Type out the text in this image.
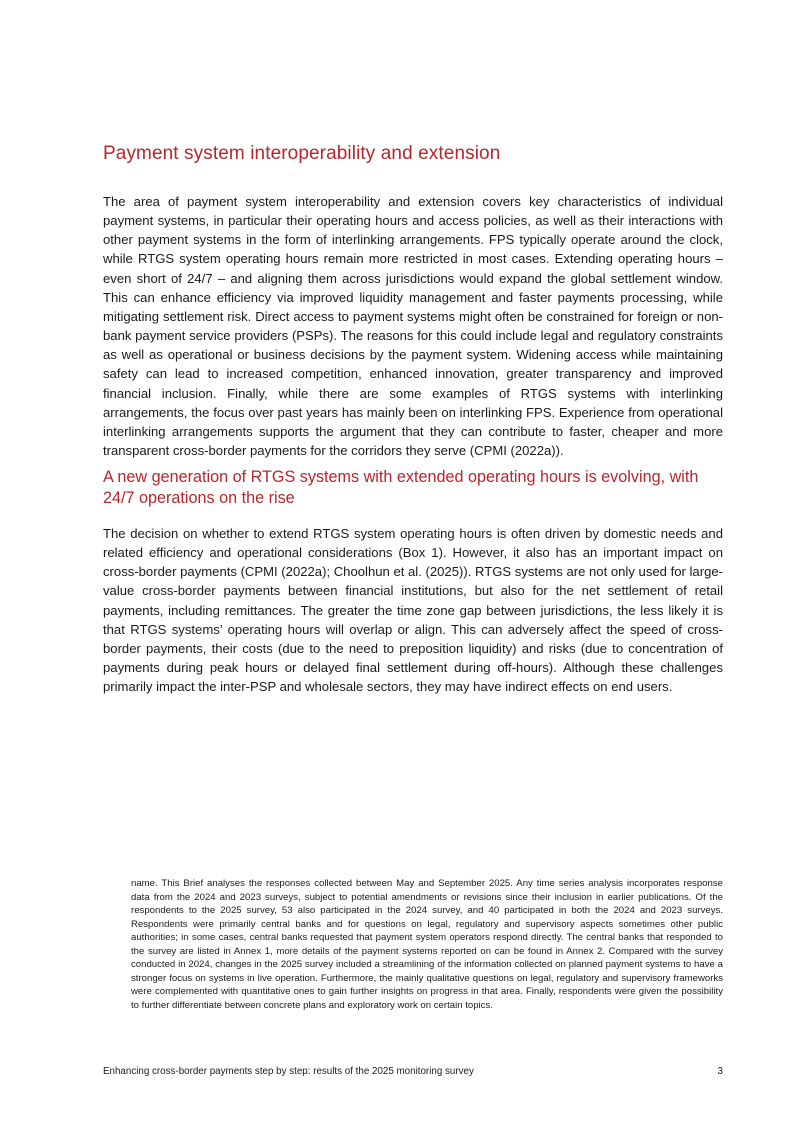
Payment system interoperability and extension

The area of payment system interoperability and extension covers key characteristics of individual payment systems, in particular their operating hours and access policies, as well as their interactions with other payment systems in the form of interlinking arrangements. FPS typically operate around the clock, while RTGS system operating hours remain more restricted in most cases. Extending operating hours – even short of 24/7 – and aligning them across jurisdictions would expand the global settlement window. This can enhance efficiency via improved liquidity management and faster payments processing, while mitigating settlement risk. Direct access to payment systems might often be constrained for foreign or non-bank payment service providers (PSPs). The reasons for this could include legal and regulatory constraints as well as operational or business decisions by the payment system. Widening access while maintaining safety can lead to increased competition, enhanced innovation, greater transparency and improved financial inclusion. Finally, while there are some examples of RTGS systems with interlinking arrangements, the focus over past years has mainly been on interlinking FPS. Experience from operational interlinking arrangements supports the argument that they can contribute to faster, cheaper and more transparent cross-border payments for the corridors they serve (CPMI (2022a)).

A new generation of RTGS systems with extended operating hours is evolving, with 24/7 operations on the rise

The decision on whether to extend RTGS system operating hours is often driven by domestic needs and related efficiency and operational considerations (Box 1). However, it also has an important impact on cross-border payments (CPMI (2022a); Choolhun et al. (2025)). RTGS systems are not only used for large-value cross-border payments between financial institutions, but also for the net settlement of retail payments, including remittances. The greater the time zone gap between jurisdictions, the less likely it is that RTGS systems’ operating hours will overlap or align. This can adversely affect the speed of cross-border payments, their costs (due to the need to preposition liquidity) and risks (due to concentration of payments during peak hours or delayed final settlement during off-hours). Although these challenges primarily impact the inter-PSP and wholesale sectors, they may have indirect effects on end users.

name. This Brief analyses the responses collected between May and September 2025. Any time series analysis incorporates response data from the 2024 and 2023 surveys, subject to potential amendments or revisions since their inclusion in earlier publications. Of the respondents to the 2025 survey, 53 also participated in the 2024 survey, and 40 participated in both the 2024 and 2023 surveys. Respondents were primarily central banks and for questions on legal, regulatory and supervisory aspects sometimes other public authorities; in some cases, central banks requested that payment system operators respond directly. The central banks that responded to the survey are listed in Annex 1, more details of the payment systems reported on can be found in Annex 2. Compared with the survey conducted in 2024, changes in the 2025 survey included a streamlining of the information collected on planned payment systems to have a stronger focus on systems in live operation. Furthermore, the mainly qualitative questions on legal, regulatory and supervisory frameworks were complemented with quantitative ones to gain further insights on progress in that area. Finally, respondents were given the possibility to further differentiate between concrete plans and exploratory work on certain topics.

Enhancing cross-border payments step by step: results of the 2025 monitoring survey	3
